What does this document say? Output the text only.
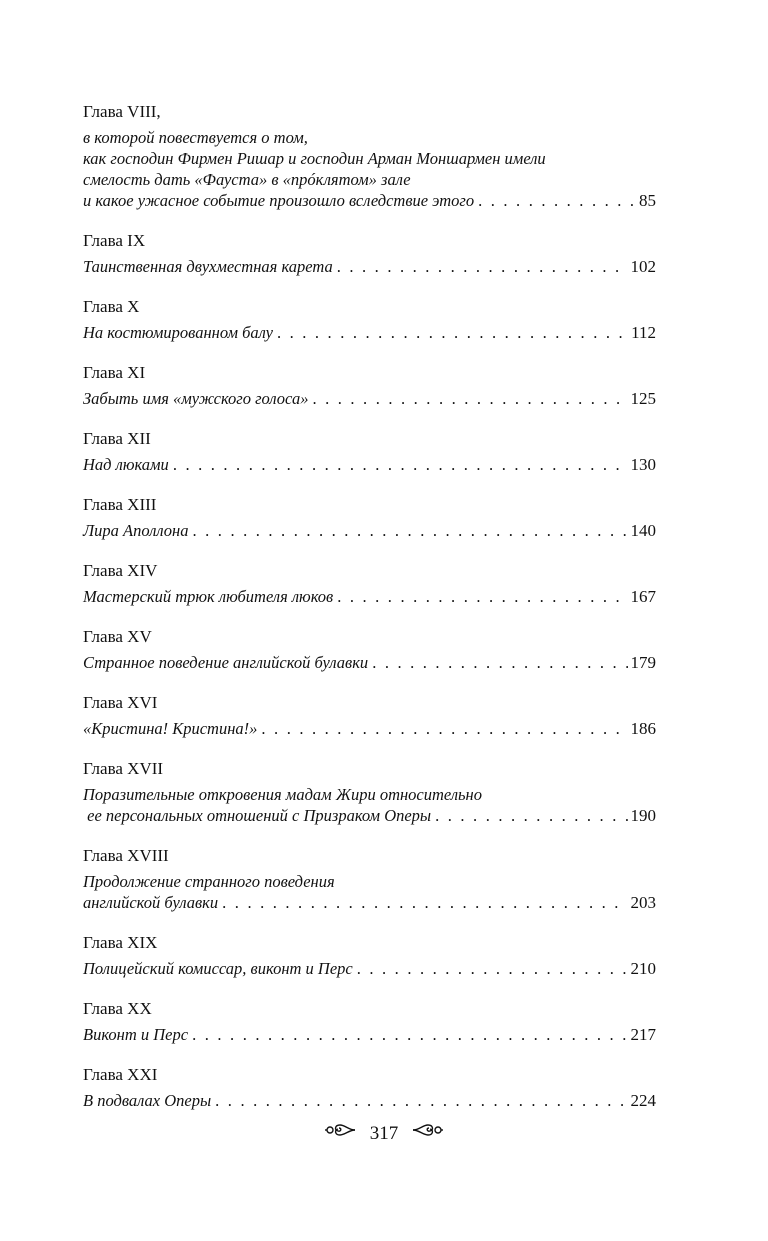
Глава VIII,
в которой повествуется о том,
как господин Фирмен Ришар и господин Арман Моншармен имели
смелость дать «Фауста» в «прóклятом» зале
и какое ужасное событие произошло вследствие этого . . .	85
Глава IX
Таинственная двухместная карета . . .	102
Глава X
На костюмированном балу . . .	112
Глава XI
Забыть имя «мужского голоса» . . .	125
Глава XII
Над люками . . .	130
Глава XIII
Лира Аполлона . . .	140
Глава XIV
Мастерский трюк любителя люков . . .	167
Глава XV
Странное поведение английской булавки . . .	179
Глава XVI
«Кристина! Кристина!» . . .	186
Глава XVII
Поразительные откровения мадам Жири относительно
ее персональных отношений с Призраком Оперы . . .	190
Глава XVIII
Продолжение странного поведения
английской булавки . . .	203
Глава XIX
Полицейский комиссар, виконт и Перс . . .	210
Глава XX
Виконт и Перс . . .	217
Глава XXI
В подвалах Оперы . . .	224
317
